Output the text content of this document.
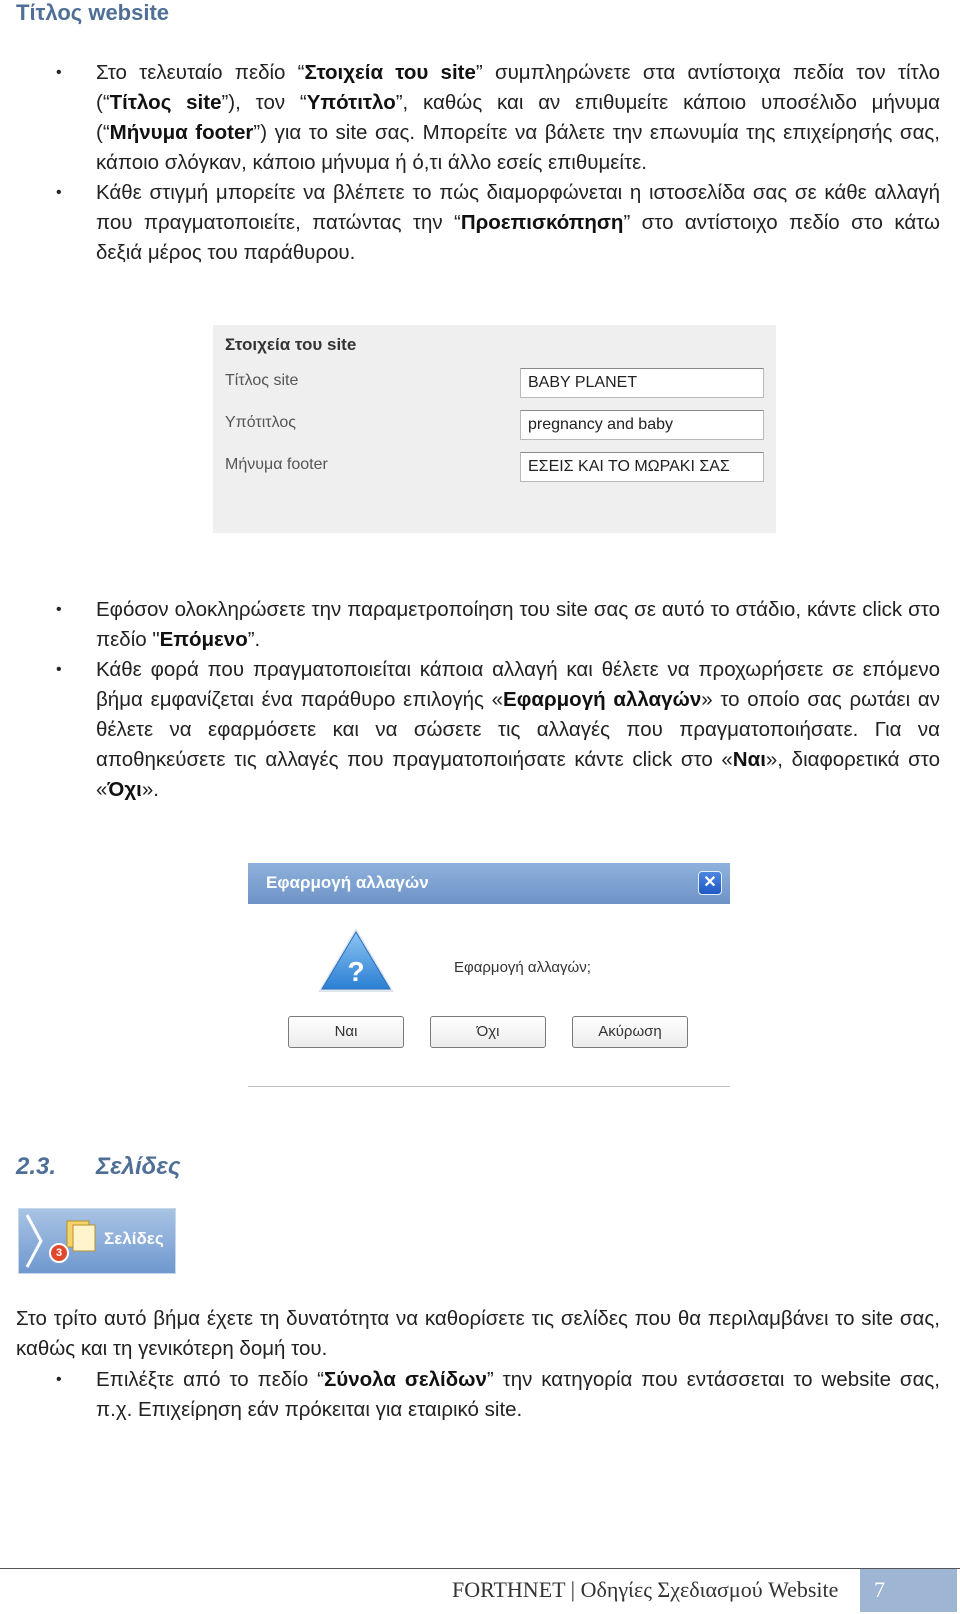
Τίτλος website
• Στο τελευταίο πεδίο “Στοιχεία του site” συμπληρώνετε στα αντίστοιχα πεδία τον τίτλο (“Τίτλος site”), τον “Υπότιτλο”, καθώς και αν επιθυμείτε κάποιο υποσέλιδο μήνυμα (“Μήνυμα footer”) για το site σας. Μπορείτε να βάλετε την επωνυμία της επιχείρησής σας, κάποιο σλόγκαν, κάποιο μήνυμα ή ό,τι άλλο εσείς επιθυμείτε.
• Κάθε στιγμή μπορείτε να βλέπετε το πώς διαμορφώνεται η ιστοσελίδα σας σε κάθε αλλαγή που πραγματοποιείτε, πατώντας την “Προεπισκόπηση” στο αντίστοιχο πεδίο στο κάτω δεξιά μέρος του παράθυρου.
Στοιχεία του site
Τίτλος site	BABY PLANET
Υπότιτλος	pregnancy and baby
Μήνυμα footer	ΕΣΕΙΣ ΚΑΙ ΤΟ ΜΩΡΑΚΙ ΣΑΣ
• Εφόσον ολοκληρώσετε την παραμετροποίηση του site σας σε αυτό το στάδιο, κάντε click στο πεδίο "Επόμενο”.
• Κάθε φορά που πραγματοποιείται κάποια αλλαγή και θέλετε να προχωρήσετε σε επόμενο βήμα εμφανίζεται ένα παράθυρο επιλογής «Εφαρμογή αλλαγών» το οποίο σας ρωτάει αν θέλετε να εφαρμόσετε και να σώσετε τις αλλαγές που πραγματοποιήσατε. Για να αποθηκεύσετε τις αλλαγές που πραγματοποιήσατε κάντε click στο «Ναι», διαφορετικά στο «Όχι».
Εφαρμογή αλλαγών	✕
?	Εφαρμογή αλλαγών;
Ναι	Όχι	Ακύρωση
2.3. Σελίδες
3
Σελίδες
Στο τρίτο αυτό βήμα έχετε τη δυνατότητα να καθορίσετε τις σελίδες που θα περιλαμβάνει το site σας, καθώς και τη γενικότερη δομή του.
• Επιλέξτε από το πεδίο “Σύνολα σελίδων” την κατηγορία που εντάσσεται το website σας, π.χ. Επιχείρηση εάν πρόκειται για εταιρικό site.
FORTHNET | Οδηγίες Σχεδιασμού Website 7
